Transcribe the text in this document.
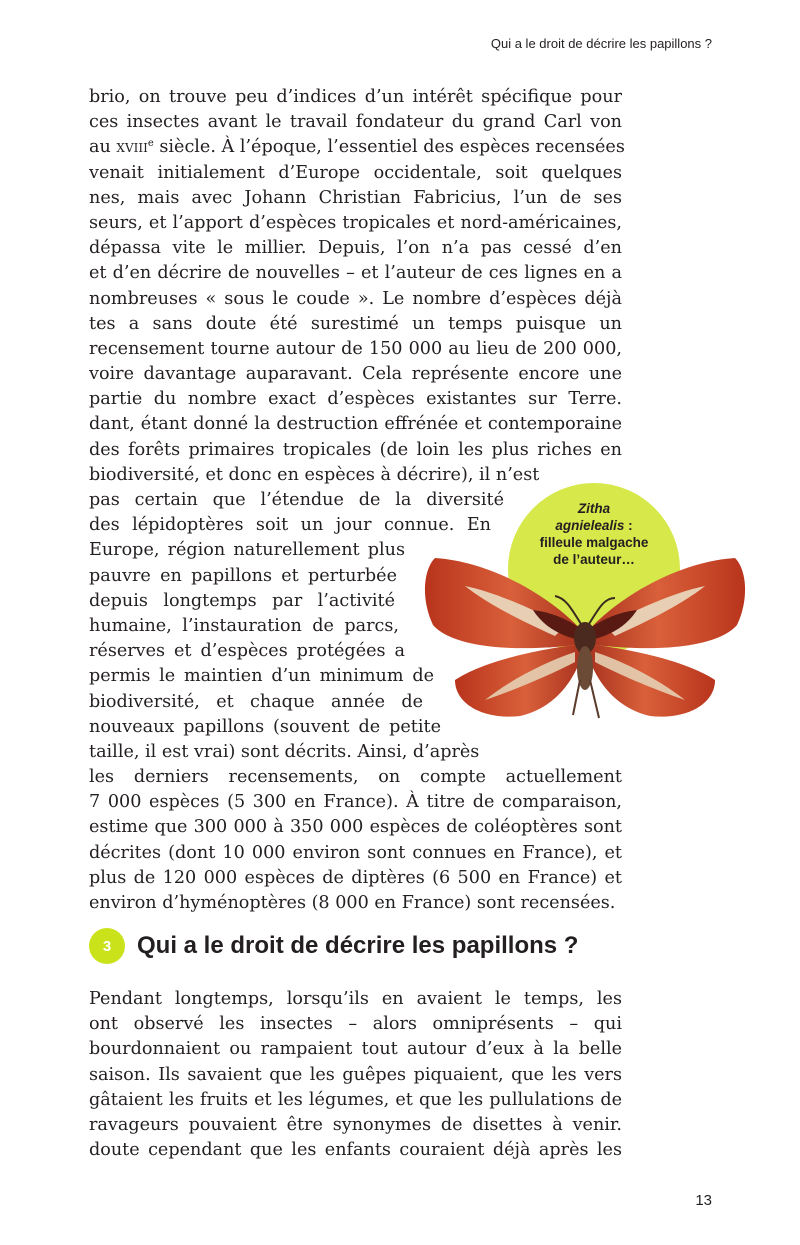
Qui a le droit de décrire les papillons ?
brio, on trouve peu d’indices d’un intérêt spécifique pour
ces insectes avant le travail fondateur du grand Carl von
au xviii$^e$ siècle. À l’époque, l’essentiel des espèces recensées
venait initialement d’Europe occidentale, soit quelques
nes, mais avec Johann Christian Fabricius, l’un de ses
seurs, et l’apport d’espèces tropicales et nord-américaines,
dépassa vite le millier. Depuis, l’on n’a pas cessé d’en
et d’en décrire de nouvelles – et l’auteur de ces lignes en a
nombreuses « sous le coude ». Le nombre d’espèces déjà
tes a sans doute été surestimé un temps puisque un
recensement tourne autour de 150 000 au lieu de 200 000,
voire davantage auparavant. Cela représente encore une
partie du nombre exact d’espèces existantes sur Terre.
dant, étant donné la destruction effrénée et contemporaine
des forêts primaires tropicales (de loin les plus riches en
biodiversité, et donc en espèces à décrire), il n’est
pas certain que l’étendue de la diversité
des lépidoptères soit un jour connue. En
Europe, région naturellement plus
pauvre en papillons et perturbée
depuis longtemps par l’activité
humaine, l’instauration de parcs,
réserves et d’espèces protégées a
permis le maintien d’un minimum de
biodiversité, et chaque année de
nouveaux papillons (souvent de petite
taille, il est vrai) sont décrits. Ainsi, d’après
les derniers recensements, on compte actuellement
7 000 espèces (5 300 en France). À titre de comparaison,
estime que 300 000 à 350 000 espèces de coléoptères sont
décrites (dont 10 000 environ sont connues en France), et
plus de 120 000 espèces de diptères (6 500 en France) et
environ d’hyménoptères (8 000 en France) sont recensées.
Zitha
agnielealis :
filleule malgache
de l’auteur…
3	Qui a le droit de décrire les papillons ?
Pendant longtemps, lorsqu’ils en avaient le temps, les
ont observé les insectes – alors omniprésents – qui
bourdonnaient ou rampaient tout autour d’eux à la belle
saison. Ils savaient que les guêpes piquaient, que les vers
gâtaient les fruits et les légumes, et que les pullulations de
ravageurs pouvaient être synonymes de disettes à venir.
doute cependant que les enfants couraient déjà après les
13
